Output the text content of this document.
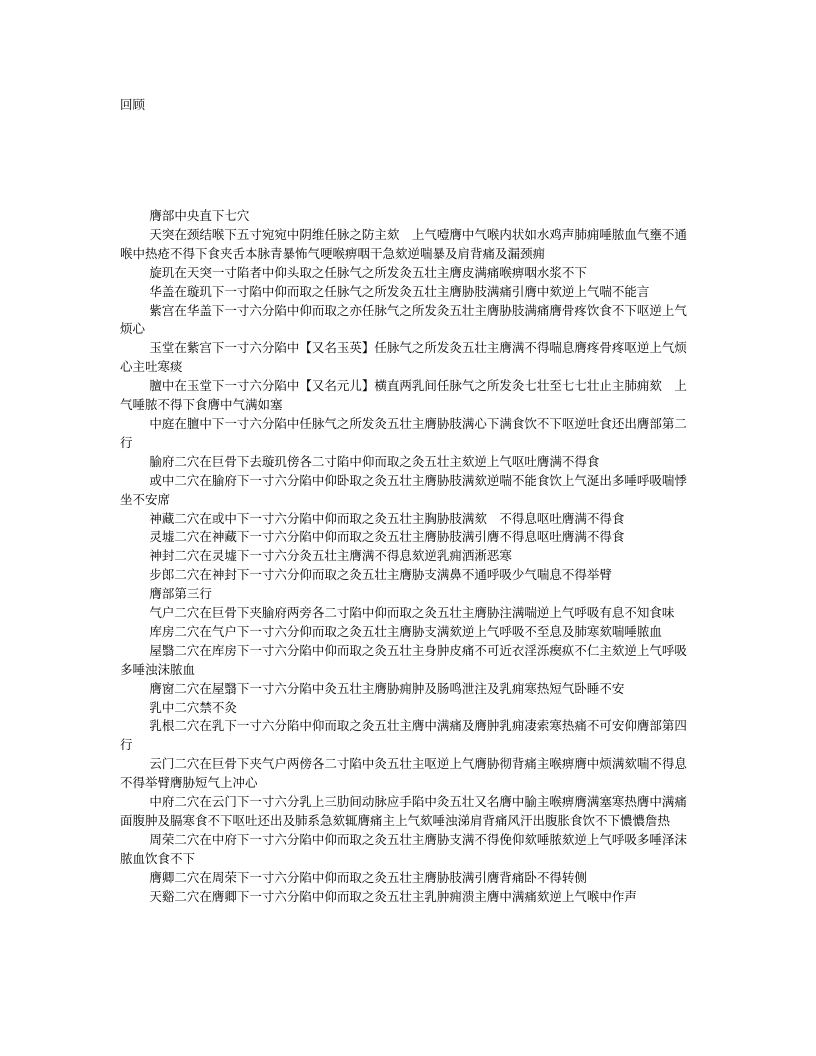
回顾

膺部中央直下七穴

天突在颈结喉下五寸宛宛中阴维任脉之防主欬　上气噎膺中气喉内状如水鸡声肺痈唾脓血气壅不通喉中热疮不得下食夹舌本脉青暴怖气哽喉痹咽干急欬逆喘暴及肩背痛及漏颈痈

旋玑在天突一寸陷者中仰头取之任脉气之所发灸五壮主膺皮满痛喉痹咽水浆不下

华盖在璇玑下一寸陷中仰而取之任脉气之所发灸五壮主膺胁肢满痛引膺中欬逆上气喘不能言

紫宫在华盖下一寸六分陷中仰而取之亦任脉气之所发灸五壮主膺胁肢满痛膺骨疼饮食不下呕逆上气烦心

玉堂在紫宫下一寸六分陷中【又名玉英】任脉气之所发灸五壮主膺满不得喘息膺疼骨疼呕逆上气烦心主吐寒痰

膻中在玉堂下一寸六分陷中【又名元儿】横直两乳间任脉气之所发灸七壮至七七壮止主肺痈欬　上气唾脓不得下食膺中气满如塞

中庭在膻中下一寸六分陷中任脉气之所发灸五壮主膺胁肢满心下满食饮不下呕逆吐食还出膺部第二行

腧府二穴在巨骨下去璇玑傍各二寸陷中仰而取之灸五壮主欬逆上气呕吐膺满不得食

或中二穴在腧府下一寸六分陷中仰卧取之灸五壮主膺胁肢满欬逆喘不能食饮上气涎出多唾呼吸喘悸坐不安席

神藏二穴在或中下一寸六分陷中仰而取之灸五壮主胸胁肢满欬　不得息呕吐膺满不得食

灵墟二穴在神藏下一寸六分陷中仰而取之灸五壮主膺胁肢满引膺不得息呕吐膺满不得食

神封二穴在灵墟下一寸六分灸五壮主膺满不得息欬逆乳痈洒淅恶寒

步郎二穴在神封下一寸六分仰而取之灸五壮主膺胁支满鼻不通呼吸少气喘息不得举臂

膺部第三行

气户二穴在巨骨下夹腧府两旁各二寸陷中仰而取之灸五壮主膺胁注满喘逆上气呼吸有息不知食味

库房二穴在气户下一寸六分仰而取之灸五壮主膺胁支满欬逆上气呼吸不至息及肺寒欬喘唾脓血

屋翳二穴在库房下一寸六分陷中仰而取之灸五壮主身肿皮痛不可近衣淫泺瘈疭不仁主欬逆上气呼吸多唾浊沫脓血

膺窗二穴在屋翳下一寸六分陷中灸五壮主膺胁痈肿及肠鸣泄注及乳痈寒热短气卧睡不安

乳中二穴禁不灸

乳根二穴在乳下一寸六分陷中仰而取之灸五壮主膺中满痛及膺肿乳痈凄索寒热痛不可安仰膺部第四行

云门二穴在巨骨下夹气户两傍各二寸陷中灸五壮主呕逆上气膺胁彻背痛主喉痹膺中烦满欬喘不得息不得举臂膺胁短气上冲心

中府二穴在云门下一寸六分乳上三肋间动脉应手陷中灸五壮又名膺中腧主喉痹膺满塞寒热膺中满痛面腹肿及膈寒食不下呕吐还出及肺系急欬辄膺痛主上气欬唾浊涕肩背痛风汗出腹胀食饮不下憹憹詹热

周荣二穴在中府下一寸六分陷中仰而取之灸五壮主膺胁支满不得俛仰欬唾脓欬逆上气呼吸多唾泽沫脓血饮食不下

膺卿二穴在周荣下一寸六分陷中仰而取之灸五壮主膺胁肢满引膺背痛卧不得转侧

天谿二穴在膺卿下一寸六分陷中仰而取之灸五壮主乳肿痈溃主膺中满痛欬逆上气喉中作声
